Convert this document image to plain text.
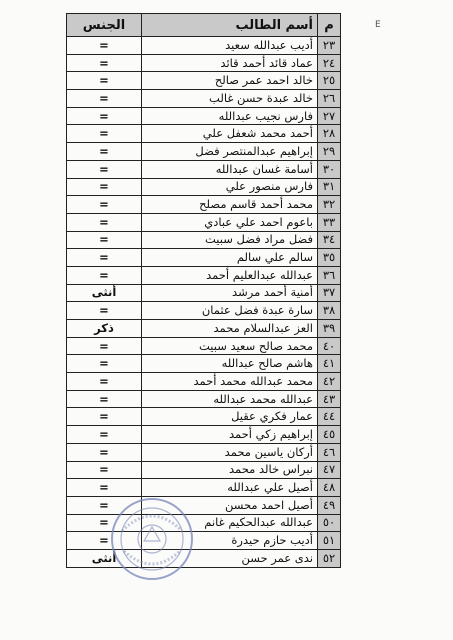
E
م	أسم الطالب	الجنس
٢٣	أديب عبدالله سعيد	=
٢٤	عماد قائد أحمد قائد	=
٢٥	خالد احمد عمر صالح	=
٢٦	خالد عبدة حسن غالب	=
٢٧	فارس نجيب عبدالله	=
٢٨	أحمد محمد شعفل علي	=
٢٩	إبراهيم عبدالمنتصر فضل	=
٣٠	أسامة غسان عبدالله	=
٣١	فارس منصور علي	=
٣٢	محمد أحمد قاسم مصلح	=
٣٣	باعوم احمد علي عبادي	=
٣٤	فضل مراد فضل سبيت	=
٣٥	سالم علي سالم	=
٣٦	عبدالله عبدالعليم أحمد	=
٣٧	أمنية أحمد مرشد	أنثى
٣٨	سارة عبدة فضل عثمان	=
٣٩	العز عبدالسلام محمد	ذكر
٤٠	محمد صالح سعيد سبيت	=
٤١	هاشم صالح عبدالله	=
٤٢	محمد عبدالله محمد أحمد	=
٤٣	عبدالله محمد عبدالله	=
٤٤	عمار فكري عقيل	=
٤٥	إبراهيم زكي أحمد	=
٤٦	أركان ياسين محمد	=
٤٧	نبراس خالد محمد	=
٤٨	أصيل علي عبدالله	=
٤٩	أصيل احمد محسن	=
٥٠	عبدالله عبدالحكيم غانم	=
٥١	أديب حازم حيدرة	=
٥٢	ندى عمر حسن	أنثى
